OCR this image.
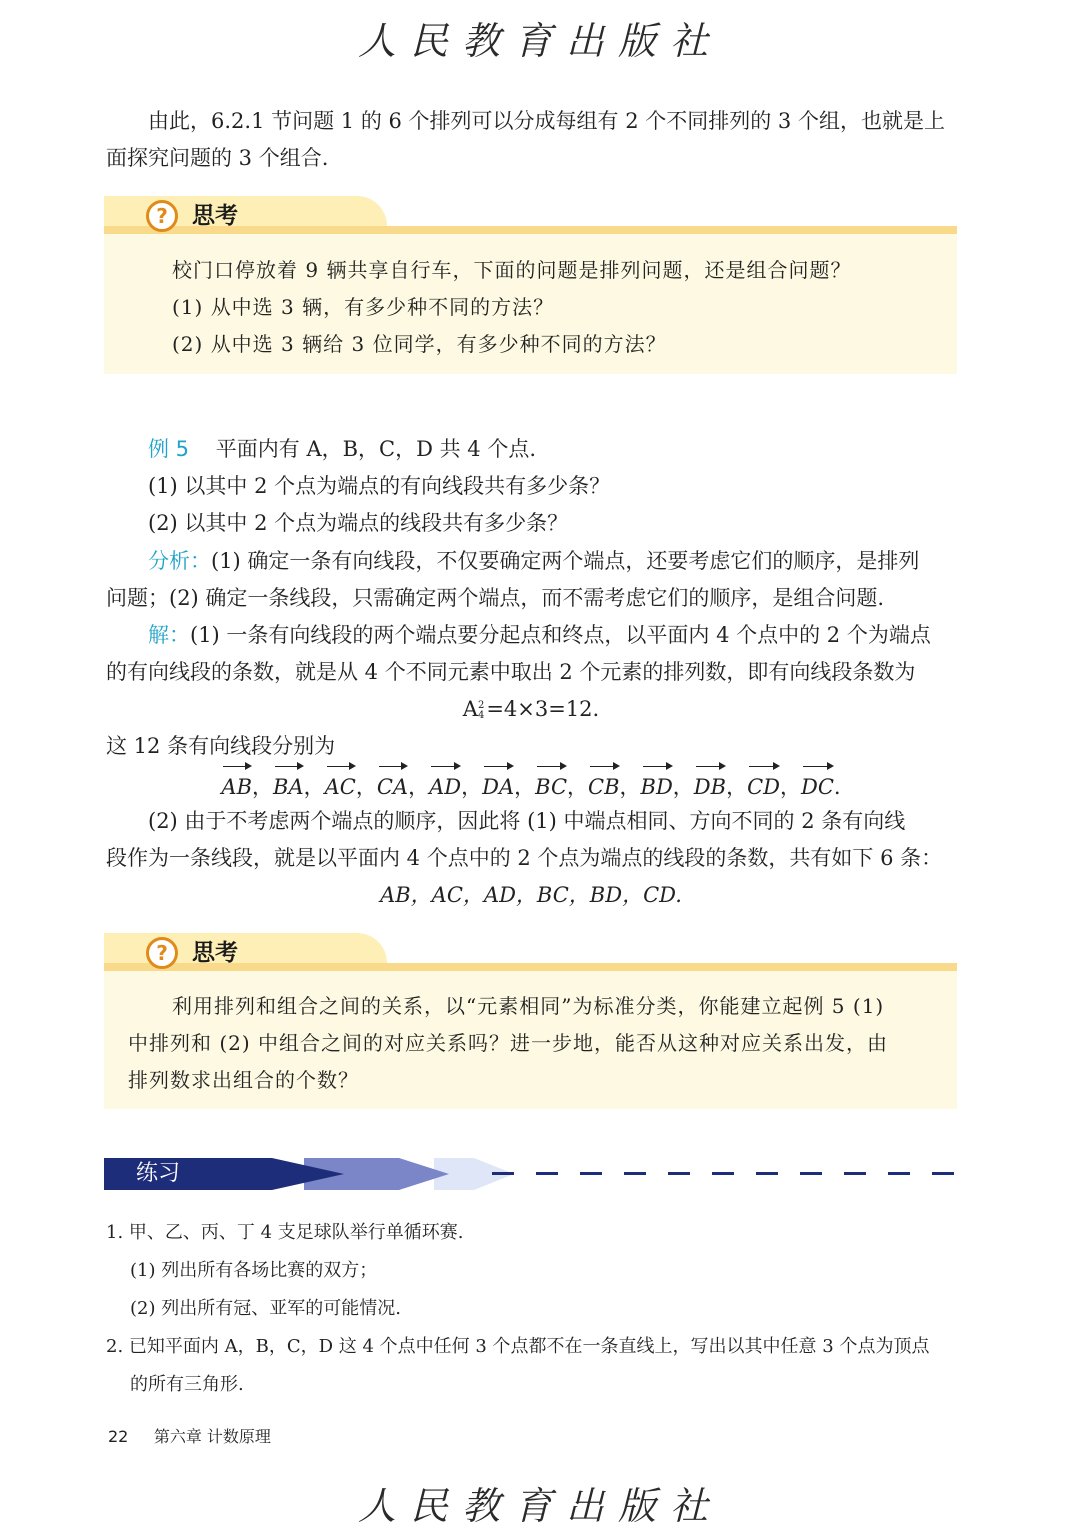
人民教育出版社
由此，6.2.1 节问题 1 的 6 个排列可以分成每组有 2 个不同排列的 3 个组，也就是上
面探究问题的 3 个组合.
?	思考
校门口停放着 9 辆共享自行车，下面的问题是排列问题，还是组合问题？
(1) 从中选 3 辆，有多少种不同的方法？
(2) 从中选 3 辆给 3 位同学，有多少种不同的方法？
例 5 平面内有 A，B，C，D 共 4 个点.
(1) 以其中 2 个点为端点的有向线段共有多少条？
(2) 以其中 2 个点为端点的线段共有多少条？
分析：(1) 确定一条有向线段，不仅要确定两个端点，还要考虑它们的顺序，是排列
问题；(2) 确定一条线段，只需确定两个端点，而不需考虑它们的顺序，是组合问题.
解：(1) 一条有向线段的两个端点要分起点和终点，以平面内 4 个点中的 2 个为端点
的有向线段的条数，就是从 4 个不同元素中取出 2 个元素的排列数，即有向线段条数为
A 2
4 =4×3=12.
这 12 条有向线段分别为
AB，BA，AC，CA，AD，DA，BC，CB，BD，DB，CD，DC.
(2) 由于不考虑两个端点的顺序，因此将 (1) 中端点相同、方向不同的 2 条有向线
段作为一条线段，就是以平面内 4 个点中的 2 个点为端点的线段的条数，共有如下 6 条：
AB，AC，AD，BC，BD，CD.
?	思考
利用排列和组合之间的关系，以“元素相同”为标准分类，你能建立起例 5 (1)
中排列和 (2) 中组合之间的对应关系吗？进一步地，能否从这种对应关系出发，由
排列数求出组合的个数？
练习
1. 甲、乙、丙、丁 4 支足球队举行单循环赛.
(1) 列出所有各场比赛的双方；
(2) 列出所有冠、亚军的可能情况.
2. 已知平面内 A，B，C，D 这 4 个点中任何 3 个点都不在一条直线上，写出以其中任意 3 个点为顶点
的所有三角形.
22 第六章 计数原理
人民教育出版社
